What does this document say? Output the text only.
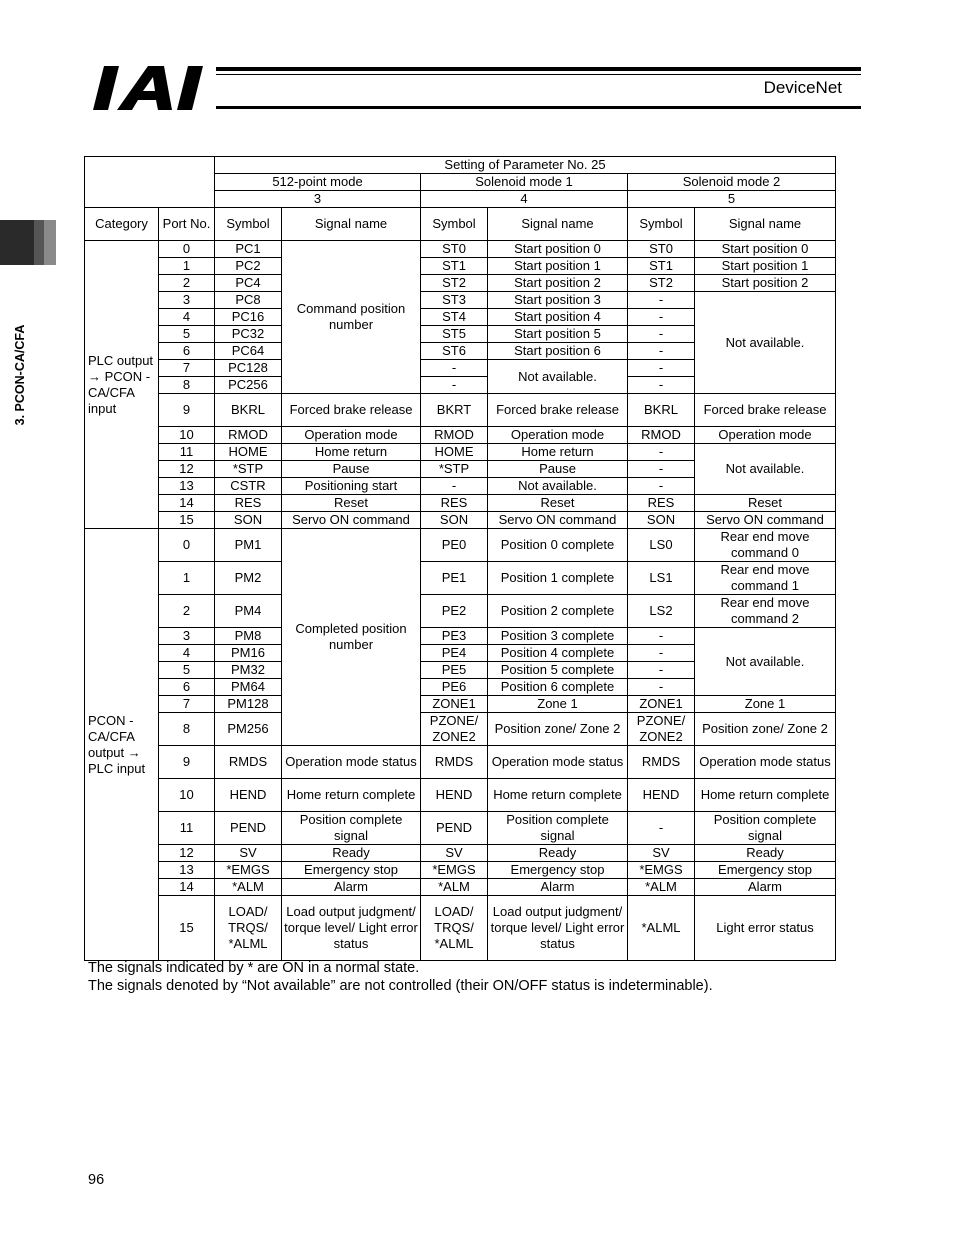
DeviceNet
3. PCON-CA/CFA
		Setting of Parameter No. 25					
		512-point mode		Solenoid mode 1		Solenoid mode 2	
		3		4		5	
Category	Port No.	Symbol	Signal name	Symbol	Signal name	Symbol	Signal name
PLC output → PCON -CA/CFA input	0	PC1	Command position number	ST0	Start position 0	ST0	Start position 0
	1	PC2		ST1	Start position 1	ST1	Start position 1
	2	PC4		ST2	Start position 2	ST2	Start position 2
	3	PC8		ST3	Start position 3	-	Not available.
	4	PC16		ST4	Start position 4	-	
	5	PC32		ST5	Start position 5	-	
	6	PC64		ST6	Start position 6	-	
	7	PC128		-	Not available.	-	
	8	PC256		-		-	
	9	BKRL	Forced brake release	BKRT	Forced brake release	BKRL	Forced brake release
	10	RMOD	Operation mode	RMOD	Operation mode	RMOD	Operation mode
	11	HOME	Home return	HOME	Home return	-	Not available.
	12	*STP	Pause	*STP	Pause	-	
	13	CSTR	Positioning start	-	Not available.	-	
	14	RES	Reset	RES	Reset	RES	Reset
	15	SON	Servo ON command	SON	Servo ON command	SON	Servo ON command
PCON -CA/CFA output → PLC input	0	PM1	Completed position number	PE0	Position 0 complete	LS0	Rear end move command 0
	1	PM2		PE1	Position 1 complete	LS1	Rear end move command 1
	2	PM4		PE2	Position 2 complete	LS2	Rear end move command 2
	3	PM8		PE3	Position 3 complete	-	Not available.
	4	PM16		PE4	Position 4 complete	-	
	5	PM32		PE5	Position 5 complete	-	
	6	PM64		PE6	Position 6 complete	-	
	7	PM128		ZONE1	Zone 1	ZONE1	Zone 1
	8	PM256		PZONE/ ZONE2	Position zone/ Zone 2	PZONE/ ZONE2	Position zone/ Zone 2
	9	RMDS	Operation mode status	RMDS	Operation mode status	RMDS	Operation mode status
	10	HEND	Home return complete	HEND	Home return complete	HEND	Home return complete
	11	PEND	Position complete signal	PEND	Position complete signal	-	Position complete signal
	12	SV	Ready	SV	Ready	SV	Ready
	13	*EMGS	Emergency stop	*EMGS	Emergency stop	*EMGS	Emergency stop
	14	*ALM	Alarm	*ALM	Alarm	*ALM	Alarm
	15	LOAD/ TRQS/ *ALML	Load output judgment/ torque level/ Light error status	LOAD/ TRQS/ *ALML	Load output judgment/ torque level/ Light error status	*ALML	Light error status
The signals indicated by * are ON in a normal state.
The signals denoted by “Not available” are not controlled (their ON/OFF status is indeterminable).
96
